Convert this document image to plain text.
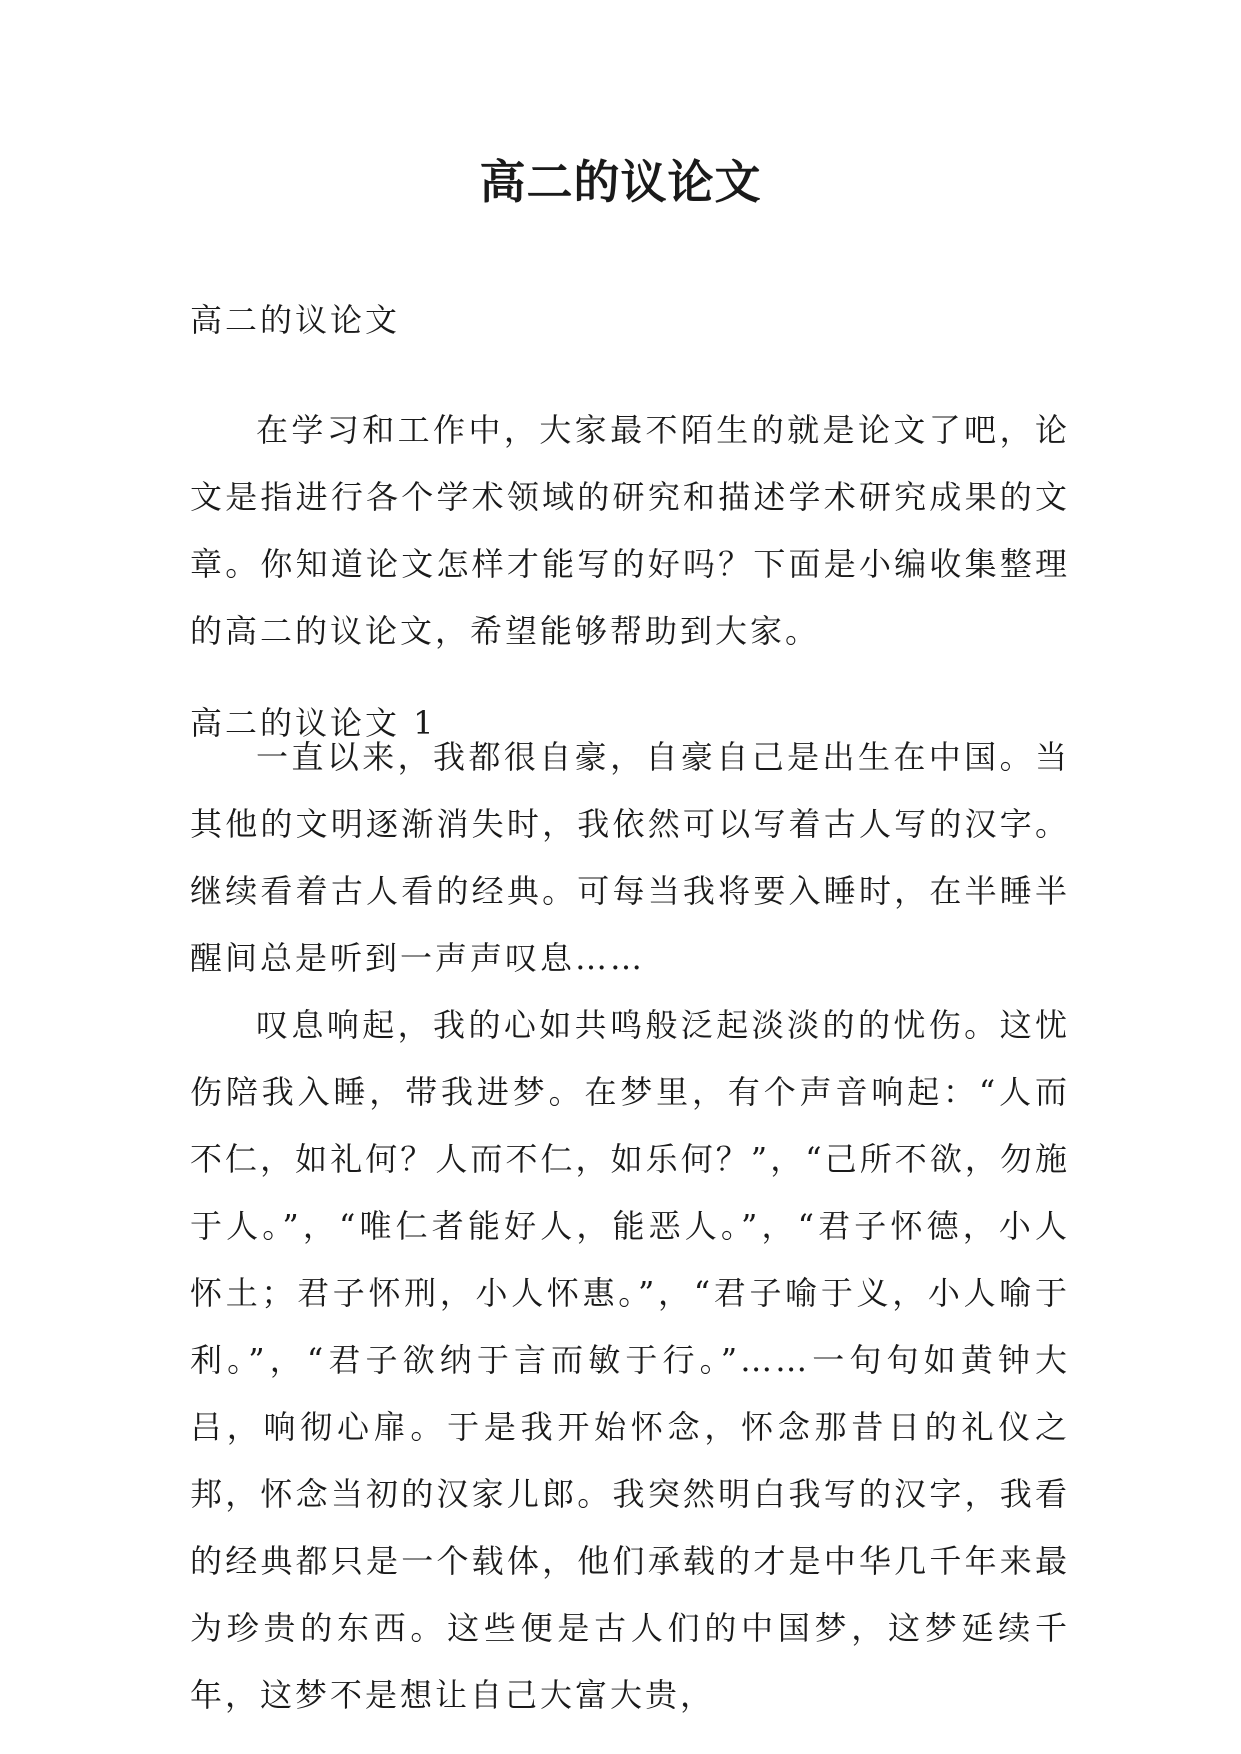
高二的议论文

高二的议论文

在学习和工作中，大家最不陌生的就是论文了吧，论文是指进行各个学术领域的研究和描述学术研究成果的文章。你知道论文怎样才能写的好吗？下面是小编收集整理的高二的议论文，希望能够帮助到大家。

高二的议论文 1

一直以来，我都很自豪，自豪自己是出生在中国。当其他的文明逐渐消失时，我依然可以写着古人写的汉字。继续看着古人看的经典。可每当我将要入睡时，在半睡半醒间总是听到一声声叹息……

叹息响起，我的心如共鸣般泛起淡淡的的忧伤。这忧伤陪我入睡，带我进梦。在梦里，有个声音响起：“人而不仁，如礼何？人而不仁，如乐何？”，“己所不欲，勿施于人。”，“唯仁者能好人，能恶人。”，“君子怀德，小人怀土；君子怀刑，小人怀惠。”，“君子喻于义，小人喻于利。”，“君子欲纳于言而敏于行。”……一句句如黄钟大吕，响彻心扉。于是我开始怀念，怀念那昔日的礼仪之邦，怀念当初的汉家儿郎。我突然明白我写的汉字，我看的经典都只是一个载体，他们承载的才是中华几千年来最为珍贵的东西。这些便是古人们的中国梦，这梦延续千年，这梦不是想让自己大富大贵，
